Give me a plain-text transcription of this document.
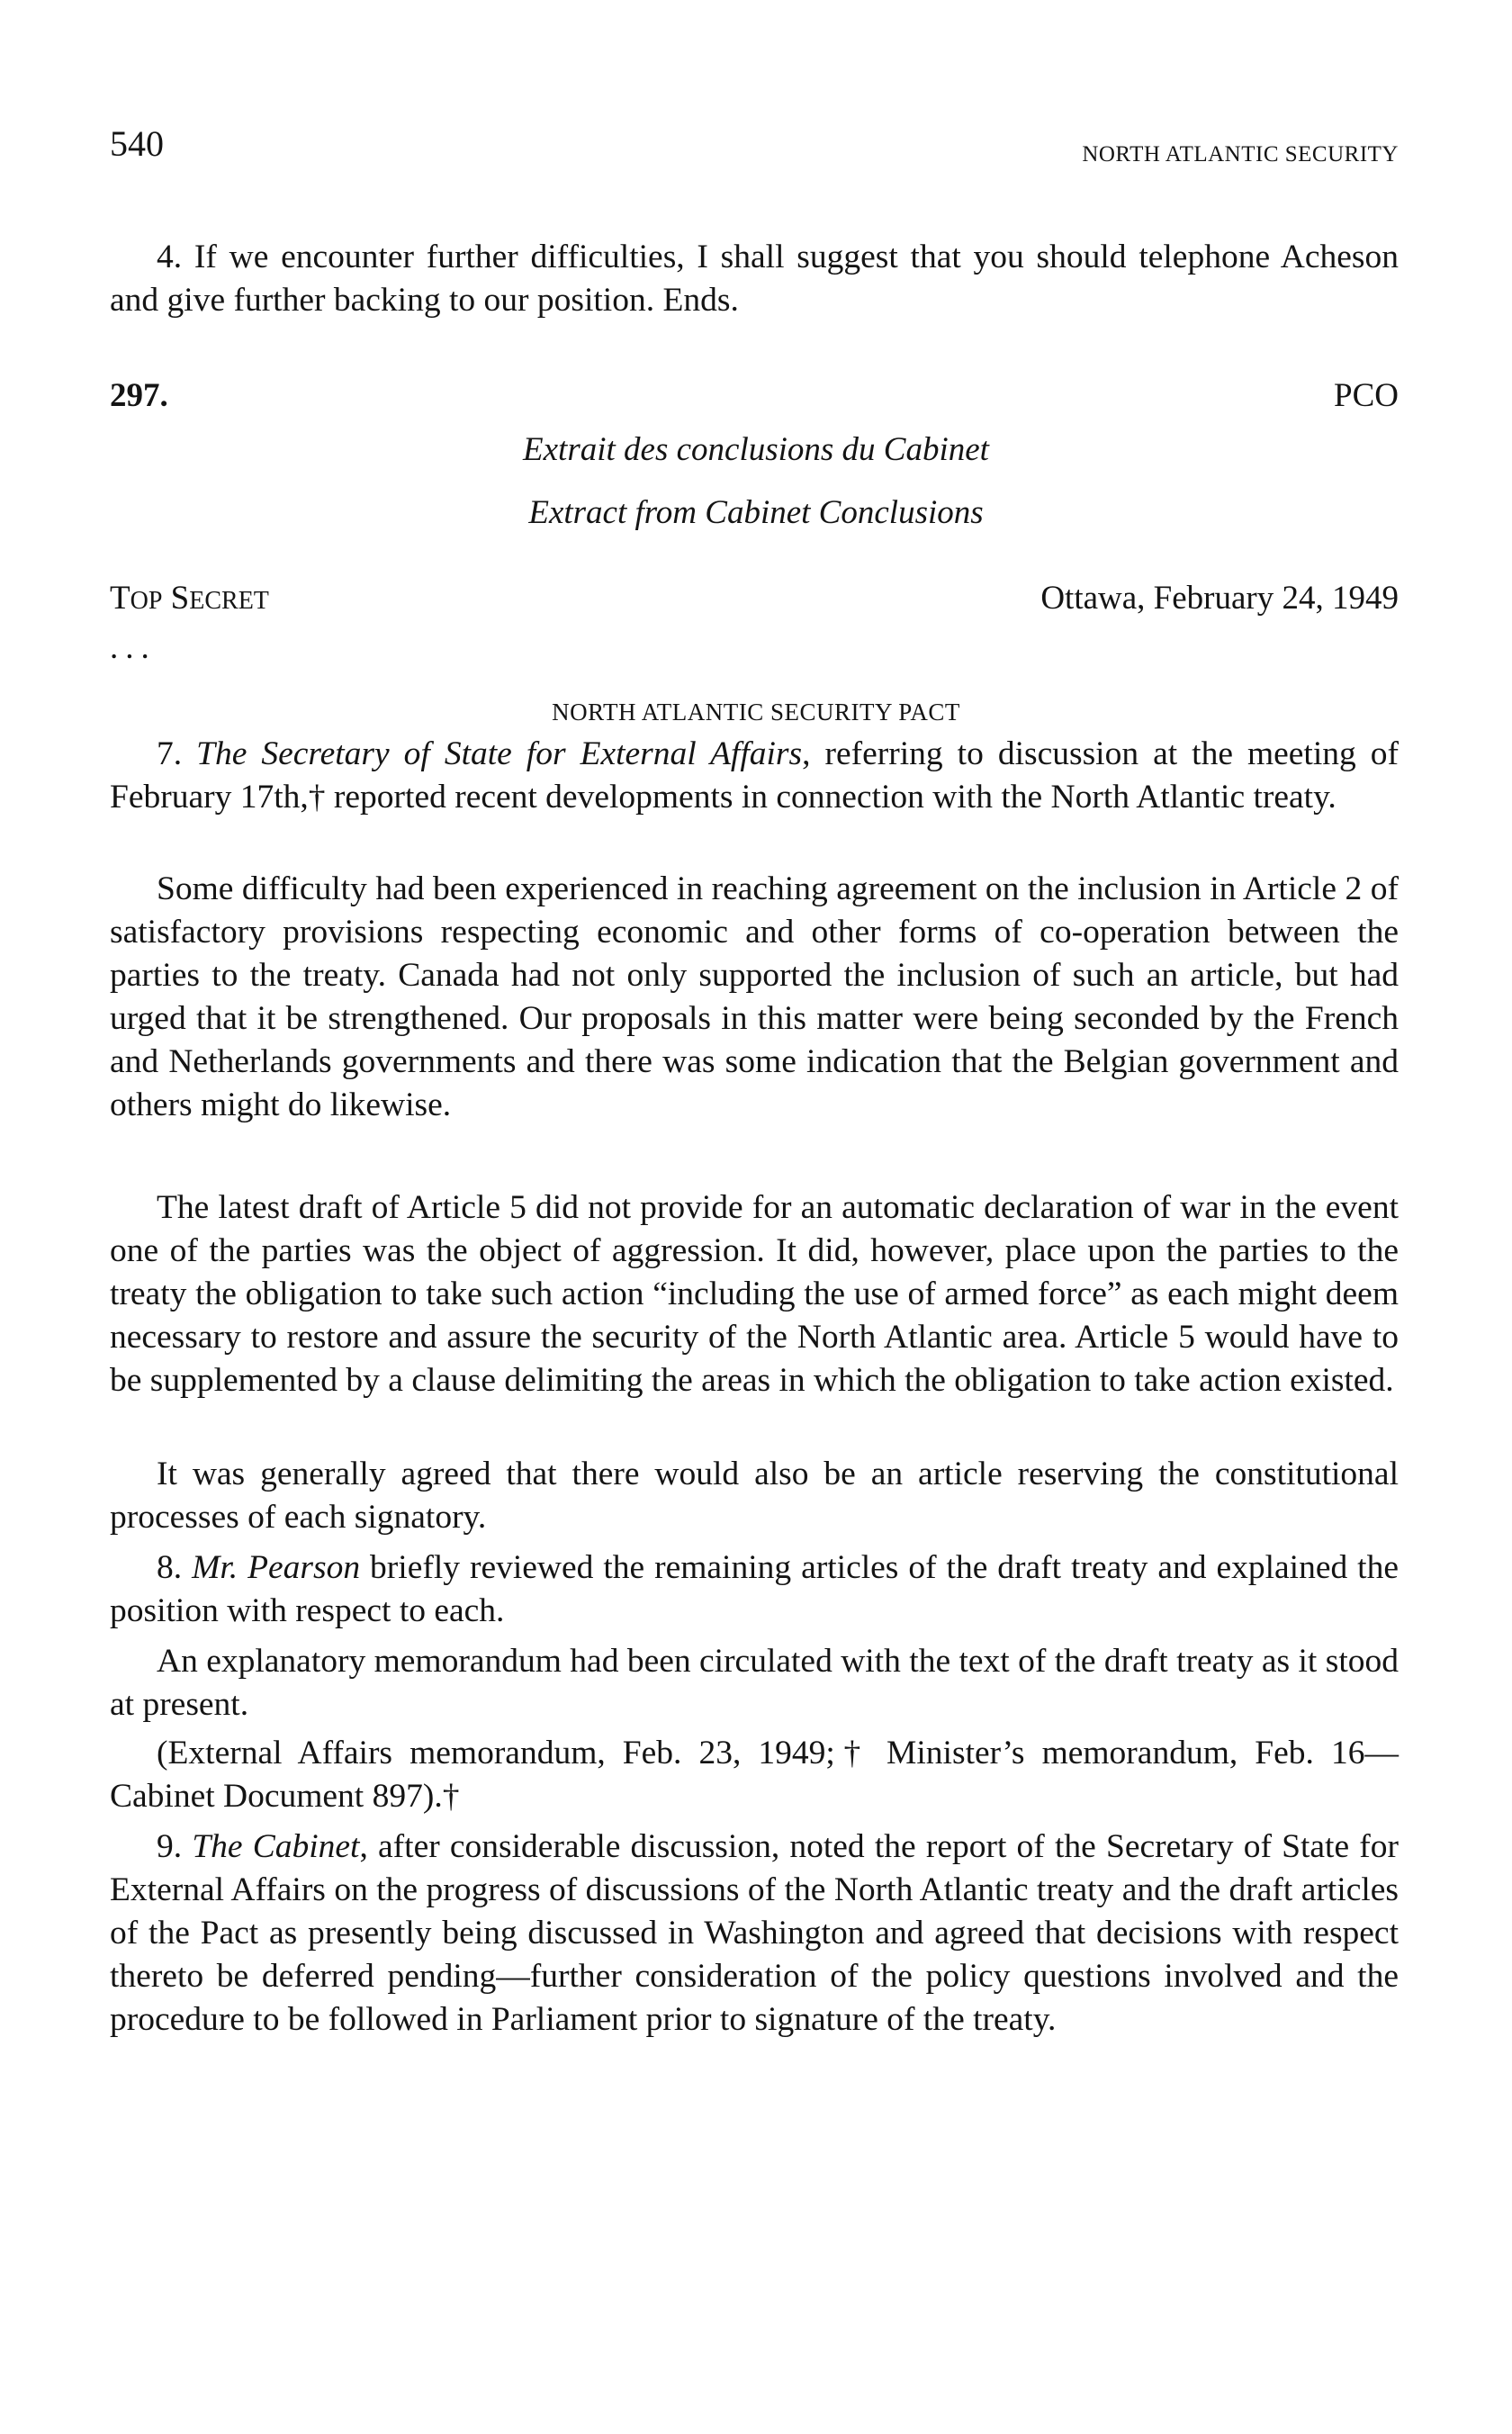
540	NORTH ATLANTIC SECURITY

4. If we encounter further difficulties, I shall suggest that you should telephone Acheson and give further backing to our position. Ends.

297.	PCO
Extrait des conclusions du Cabinet
Extract from Cabinet Conclusions
TOP SECRET	Ottawa, February 24, 1949
...
NORTH ATLANTIC SECURITY PACT

7. The Secretary of State for External Affairs, referring to discussion at the meeting of February 17th,† reported recent developments in connection with the North Atlantic treaty.

Some difficulty had been experienced in reaching agreement on the inclusion in Article 2 of satisfactory provisions respecting economic and other forms of co-operation between the parties to the treaty. Canada had not only supported the inclusion of such an article, but had urged that it be strengthened. Our proposals in this matter were being seconded by the French and Netherlands governments and there was some indication that the Belgian government and others might do likewise.

The latest draft of Article 5 did not provide for an automatic declaration of war in the event one of the parties was the object of aggression. It did, however, place upon the parties to the treaty the obligation to take such action “including the use of armed force” as each might deem necessary to restore and assure the security of the North Atlantic area. Article 5 would have to be supplemented by a clause delimiting the areas in which the obligation to take action existed.

It was generally agreed that there would also be an article reserving the constitutional processes of each signatory.

8. Mr. Pearson briefly reviewed the remaining articles of the draft treaty and explained the position with respect to each.

An explanatory memorandum had been circulated with the text of the draft treaty as it stood at present.

(External Affairs memorandum, Feb. 23, 1949;† Minister’s memorandum, Feb. 16—Cabinet Document 897).†

9. The Cabinet, after considerable discussion, noted the report of the Secretary of State for External Affairs on the progress of discussions of the North Atlantic treaty and the draft articles of the Pact as presently being discussed in Washington and agreed that decisions with respect thereto be deferred pending—further consideration of the policy questions involved and the procedure to be followed in Parliament prior to signature of the treaty.
